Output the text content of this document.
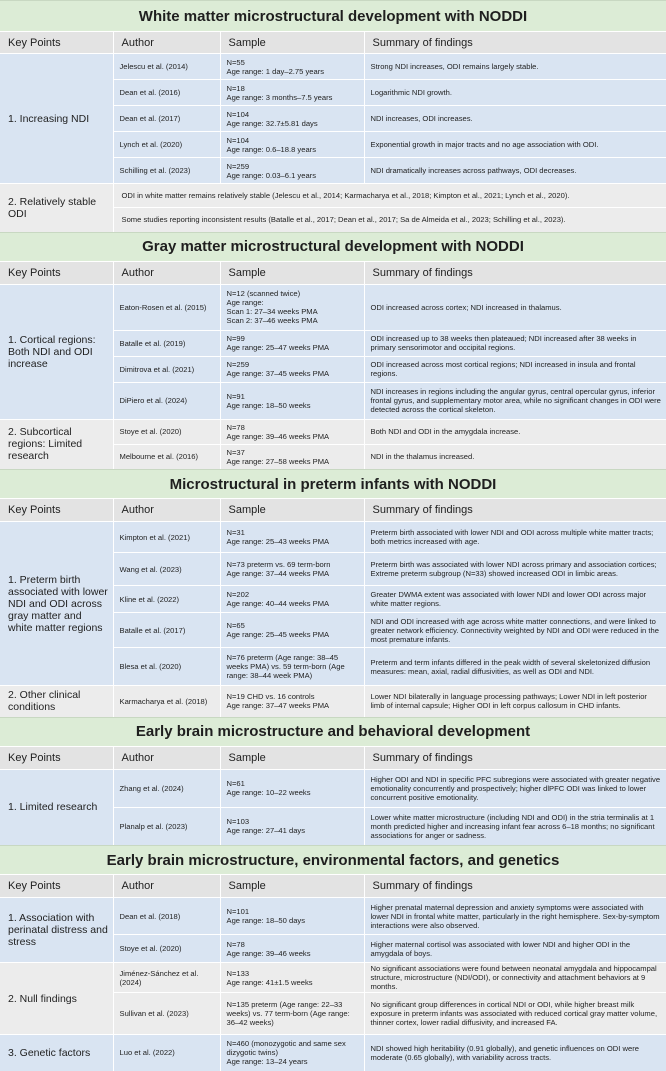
White matter microstructural development with NODDI
Key Points	Author	Sample	Summary of findings
1. Increasing NDI	Jelescu et al. (2014)	N=55
Age range: 1 day–2.75 years	Strong NDI increases, ODI remains largely stable.
	Dean et al. (2016)	N=18
Age range: 3 months–7.5 years	Logarithmic NDI growth.
	Dean et al. (2017)	N=104
Age range: 32.7±5.81 days	NDI increases, ODI increases.
	Lynch et al. (2020)	N=104
Age range: 0.6–18.8 years	Exponential growth in major tracts and no age association with ODI.
	Schilling et al. (2023)	N=259
Age range: 0.03–6.1 years	NDI dramatically increases across pathways, ODI decreases.
2. Relatively stable ODI	ODI in white matter remains relatively stable (Jelescu et al., 2014; Karmacharya et al., 2018; Kimpton et al., 2021; Lynch et al., 2020).		
	Some studies reporting inconsistent results (Batalle et al., 2017; Dean et al., 2017; Sa de Almeida et al., 2023; Schilling et al., 2023).		
Gray matter microstructural development with NODDI
Key Points	Author	Sample	Summary of findings
1. Cortical regions: Both NDI and ODI increase	Eaton-Rosen et al. (2015)	N=12 (scanned twice)
Age range:
Scan 1: 27–34 weeks PMA
Scan 2: 37–46 weeks PMA	ODI increased across cortex; NDI increased in thalamus.
	Batalle et al. (2019)	N=99
Age range: 25–47 weeks PMA	ODI increased up to 38 weeks then plateaued; NDI increased after 38 weeks in primary sensorimotor and occipital regions.
	Dimitrova et al. (2021)	N=259
Age range: 37–45 weeks PMA	ODI increased across most cortical regions; NDI increased in insula and frontal regions.
	DiPiero et al. (2024)	N=91
Age range: 18–50 weeks	NDI increases in regions including the angular gyrus, central opercular gyrus, inferior frontal gyrus, and supplementary motor area, while no significant changes in ODI were detected across the cortical skeleton.
2. Subcortical regions: Limited research	Stoye et al. (2020)	N=78
Age range: 39–46 weeks PMA	Both NDI and ODI in the amygdala increase.
	Melbourne et al. (2016)	N=37
Age range: 27–58 weeks PMA	NDI in the thalamus increased.
Microstructural in preterm infants with NODDI
Key Points	Author	Sample	Summary of findings
1. Preterm birth associated with lower NDI and ODI across gray matter and white matter regions	Kimpton et al. (2021)	N=31
Age range: 25–43 weeks PMA	Preterm birth associated with lower NDI and ODI across multiple white matter tracts; both metrics increased with age.
	Wang et al. (2023)	N=73 preterm vs. 69 term-born
Age range: 37–44 weeks PMA	Preterm birth was associated with lower NDI across primary and association cortices; Extreme preterm subgroup (N=33) showed increased ODI in limbic areas.
	Kline et al. (2022)	N=202
Age range: 40–44 weeks PMA	Greater DWMA extent was associated with lower NDI and lower ODI across major white matter regions.
	Batalle et al. (2017)	N=65
Age range: 25–45 weeks PMA	NDI and ODI increased with age across white matter connections, and were linked to greater network efficiency. Connectivity weighted by NDI and ODI were reduced in the most premature infants.
	Blesa et al. (2020)	N=76 preterm (Age range: 38–45 weeks PMA) vs. 59 term-born (Age range: 38–44 week PMA)	Preterm and term infants differed in the peak width of several skeletonized diffusion measures: mean, axial, radial diffusivities, as well as ODI and NDI.
2. Other clinical conditions	Karmacharya et al. (2018)	N=19 CHD vs. 16 controls
Age range: 37–47 weeks PMA	Lower NDI bilaterally in language processing pathways; Lower NDI in left posterior limb of internal capsule; Higher ODI in left corpus callosum in CHD infants.
Early brain microstructure and behavioral development
Key Points	Author	Sample	Summary of findings
1. Limited research	Zhang et al. (2024)	N=61
Age range: 10–22 weeks	Higher ODI and NDI in specific PFC subregions were associated with greater negative emotionality concurrently and prospectively; higher dlPFC ODI was linked to lower concurrent positive emotionality.
	Planalp et al. (2023)	N=103
Age range: 27–41 days	Lower white matter microstructure (including NDI and ODI) in the stria terminalis at 1 month predicted higher and increasing infant fear across 6–18 months; no significant associations for anger or sadness.
Early brain microstructure, environmental factors, and genetics
Key Points	Author	Sample	Summary of findings
1. Association with perinatal distress and stress	Dean et al. (2018)	N=101
Age range: 18–50 days	Higher prenatal maternal depression and anxiety symptoms were associated with lower NDI in frontal white matter, particularly in the right hemisphere. Sex-by-symptom interactions were also observed.
	Stoye et al. (2020)	N=78
Age range: 39–46 weeks	Higher maternal cortisol was associated with lower NDI and higher ODI in the amygdala of boys.
2. Null findings	Jiménez-Sánchez et al. (2024)	N=133
Age range: 41±1.5 weeks	No significant associations were found between neonatal amygdala and hippocampal structure, microstructure (NDI/ODI), or connectivity and attachment behaviors at 9 months.
	Sullivan et al. (2023)	N=135 preterm (Age range: 22–33 weeks) vs. 77 term-born (Age range: 36–42 weeks)	No significant group differences in cortical NDI or ODI, while higher breast milk exposure in preterm infants was associated with reduced cortical gray matter volume, thinner cortex, lower radial diffusivity, and increased FA.
3. Genetic factors	Luo et al. (2022)	N=460 (monozygotic and same sex dizygotic twins)
Age range: 13–24 years	NDI showed high heritability (0.91 globally), and genetic influences on ODI were moderate (0.65 globally), with variability across tracts.
